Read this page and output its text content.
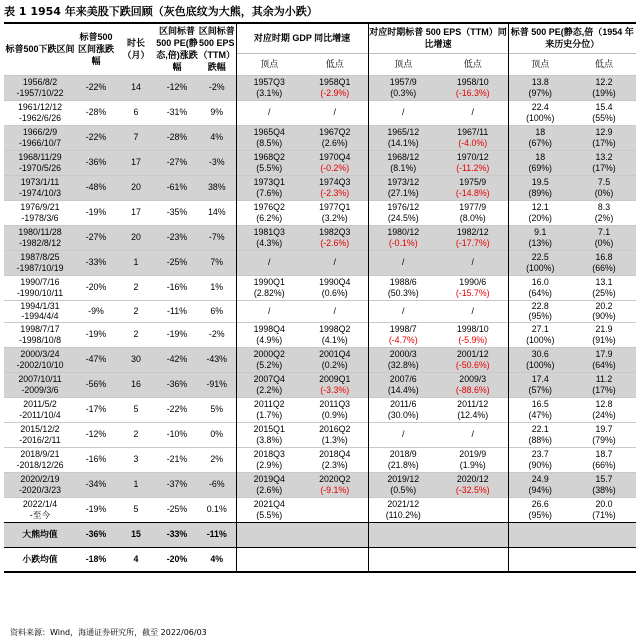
表 1 1954 年来美股下跌回顾（灰色底纹为大熊，其余为小跌）
标普500下跌区间	标普500区间涨跌幅	时长（月）	区间标普500 PE(静态,倍)涨跌幅	区间标普500 EPS（TTM）跌幅	对应时期 GDP 同比增速		对应时期标普 500 EPS（TTM）同比增速		标普 500 PE(静态,倍（1954 年来历史分位）	
					顶点	低点	顶点	低点	顶点	低点

1956/8/2
-1957/10/22	-22%	14	-12%	-2%	1957Q3
(3.1%)	1958Q1
(-2.9%)	1957/9
(0.3%)	1958/10
(-16.3%)	13.8
(97%)	12.2
(19%)

1961/12/12
-1962/6/26	-28%	6	-31%	9%	/	/	/	/	22.4
(100%)	15.4
(55%)

1966/2/9
-1966/10/7	-22%	7	-28%	4%	1965Q4
(8.5%)	1967Q2
(2.6%)	1965/12
(14.1%)	1967/11
(-4.0%)	18
(67%)	12.9
(17%)

1968/11/29
-1970/5/26	-36%	17	-27%	-3%	1968Q2
(5.5%)	1970Q4
(-0.2%)	1968/12
(8.1%)	1970/12
(-11.2%)	18
(69%)	13.2
(17%)

1973/1/11
-1974/10/3	-48%	20	-61%	38%	1973Q1
(7.6%)	1974Q3
(-2.3%)	1973/12
(27.1%)	1975/9
(-14.8%)	19.5
(89%)	7.5
(0%)

1976/9/21
-1978/3/6	-19%	17	-35%	14%	1976Q2
(6.2%)	1977Q1
(3.2%)	1976/12
(24.5%)	1977/9
(8.0%)	12.1
(20%)	8.3
(2%)

1980/11/28
-1982/8/12	-27%	20	-23%	-7%	1981Q3
(4.3%)	1982Q3
(-2.6%)	1980/12
(-0.1%)	1982/12
(-17.7%)	9.1
(13%)	7.1
(0%)

1987/8/25
-1987/10/19	-33%	1	-25%	7%	/	/	/	/	22.5
(100%)	16.8
(66%)

1990/7/16
-1990/10/11	-20%	2	-16%	1%	1990Q1
(2.82%)	1990Q4
(0.6%)	1988/6
(50.3%)	1990/6
(-15.7%)	16.0
(64%)	13.1
(25%)

1994/1/31
-1994/4/4	-9%	2	-11%	6%	/	/	/	/	22.8
(95%)	20.2
(90%)

1998/7/17
-1998/10/8	-19%	2	-19%	-2%	1998Q4
(4.9%)	1998Q2
(4.1%)	1998/7
(-4.7%)	1998/10
(-5.9%)	27.1
(100%)	21.9
(91%)

2000/3/24
-2002/10/10	-47%	30	-42%	-43%	2000Q2
(5.2%)	2001Q4
(0.2%)	2000/3
(32.8%)	2001/12
(-50.6%)	30.6
(100%)	17.9
(64%)

2007/10/11
-2009/3/6	-56%	16	-36%	-91%	2007Q4
(2.2%)	2009Q1
(-3.3%)	2007/6
(14.4%)	2009/3
(-88.6%)	17.4
(57%)	11.2
(17%)

2011/5/2
-2011/10/4	-17%	5	-22%	5%	2011Q2
(1.7%)	2011Q3
(0.9%)	2011/6
(30.0%)	2011/12
(12.4%)	16.5
(47%)	12.8
(24%)

2015/12/2
-2016/2/11	-12%	2	-10%	0%	2015Q1
(3.8%)	2016Q2
(1.3%)	/	/	22.1
(88%)	19.7
(79%)

2018/9/21
-2018/12/26	-16%	3	-21%	2%	2018Q3
(2.9%)	2018Q4
(2.3%)	2018/9
(21.8%)	2019/9
(1.9%)	23.7
(90%)	18.7
(66%)

2020/2/19
-2020/3/23	-34%	1	-37%	-6%	2019Q4
(2.6%)	2020Q2
(-9.1%)	2019/12
(0.5%)	2020/12
(-32.5%)	24.9
(94%)	15.7
(38%)

2022/1/4
-至今	-19%	5	-25%	0.1%	2021Q4
(5.5%)		2021/12
(110.2%)		26.6
(95%)	20.0
(71%)

大熊均值	-36%	15	-33%	-11%						
小跌均值	-18%	4	-20%	4%						
资料来源：Wind，海通证券研究所，截至 2022/06/03
